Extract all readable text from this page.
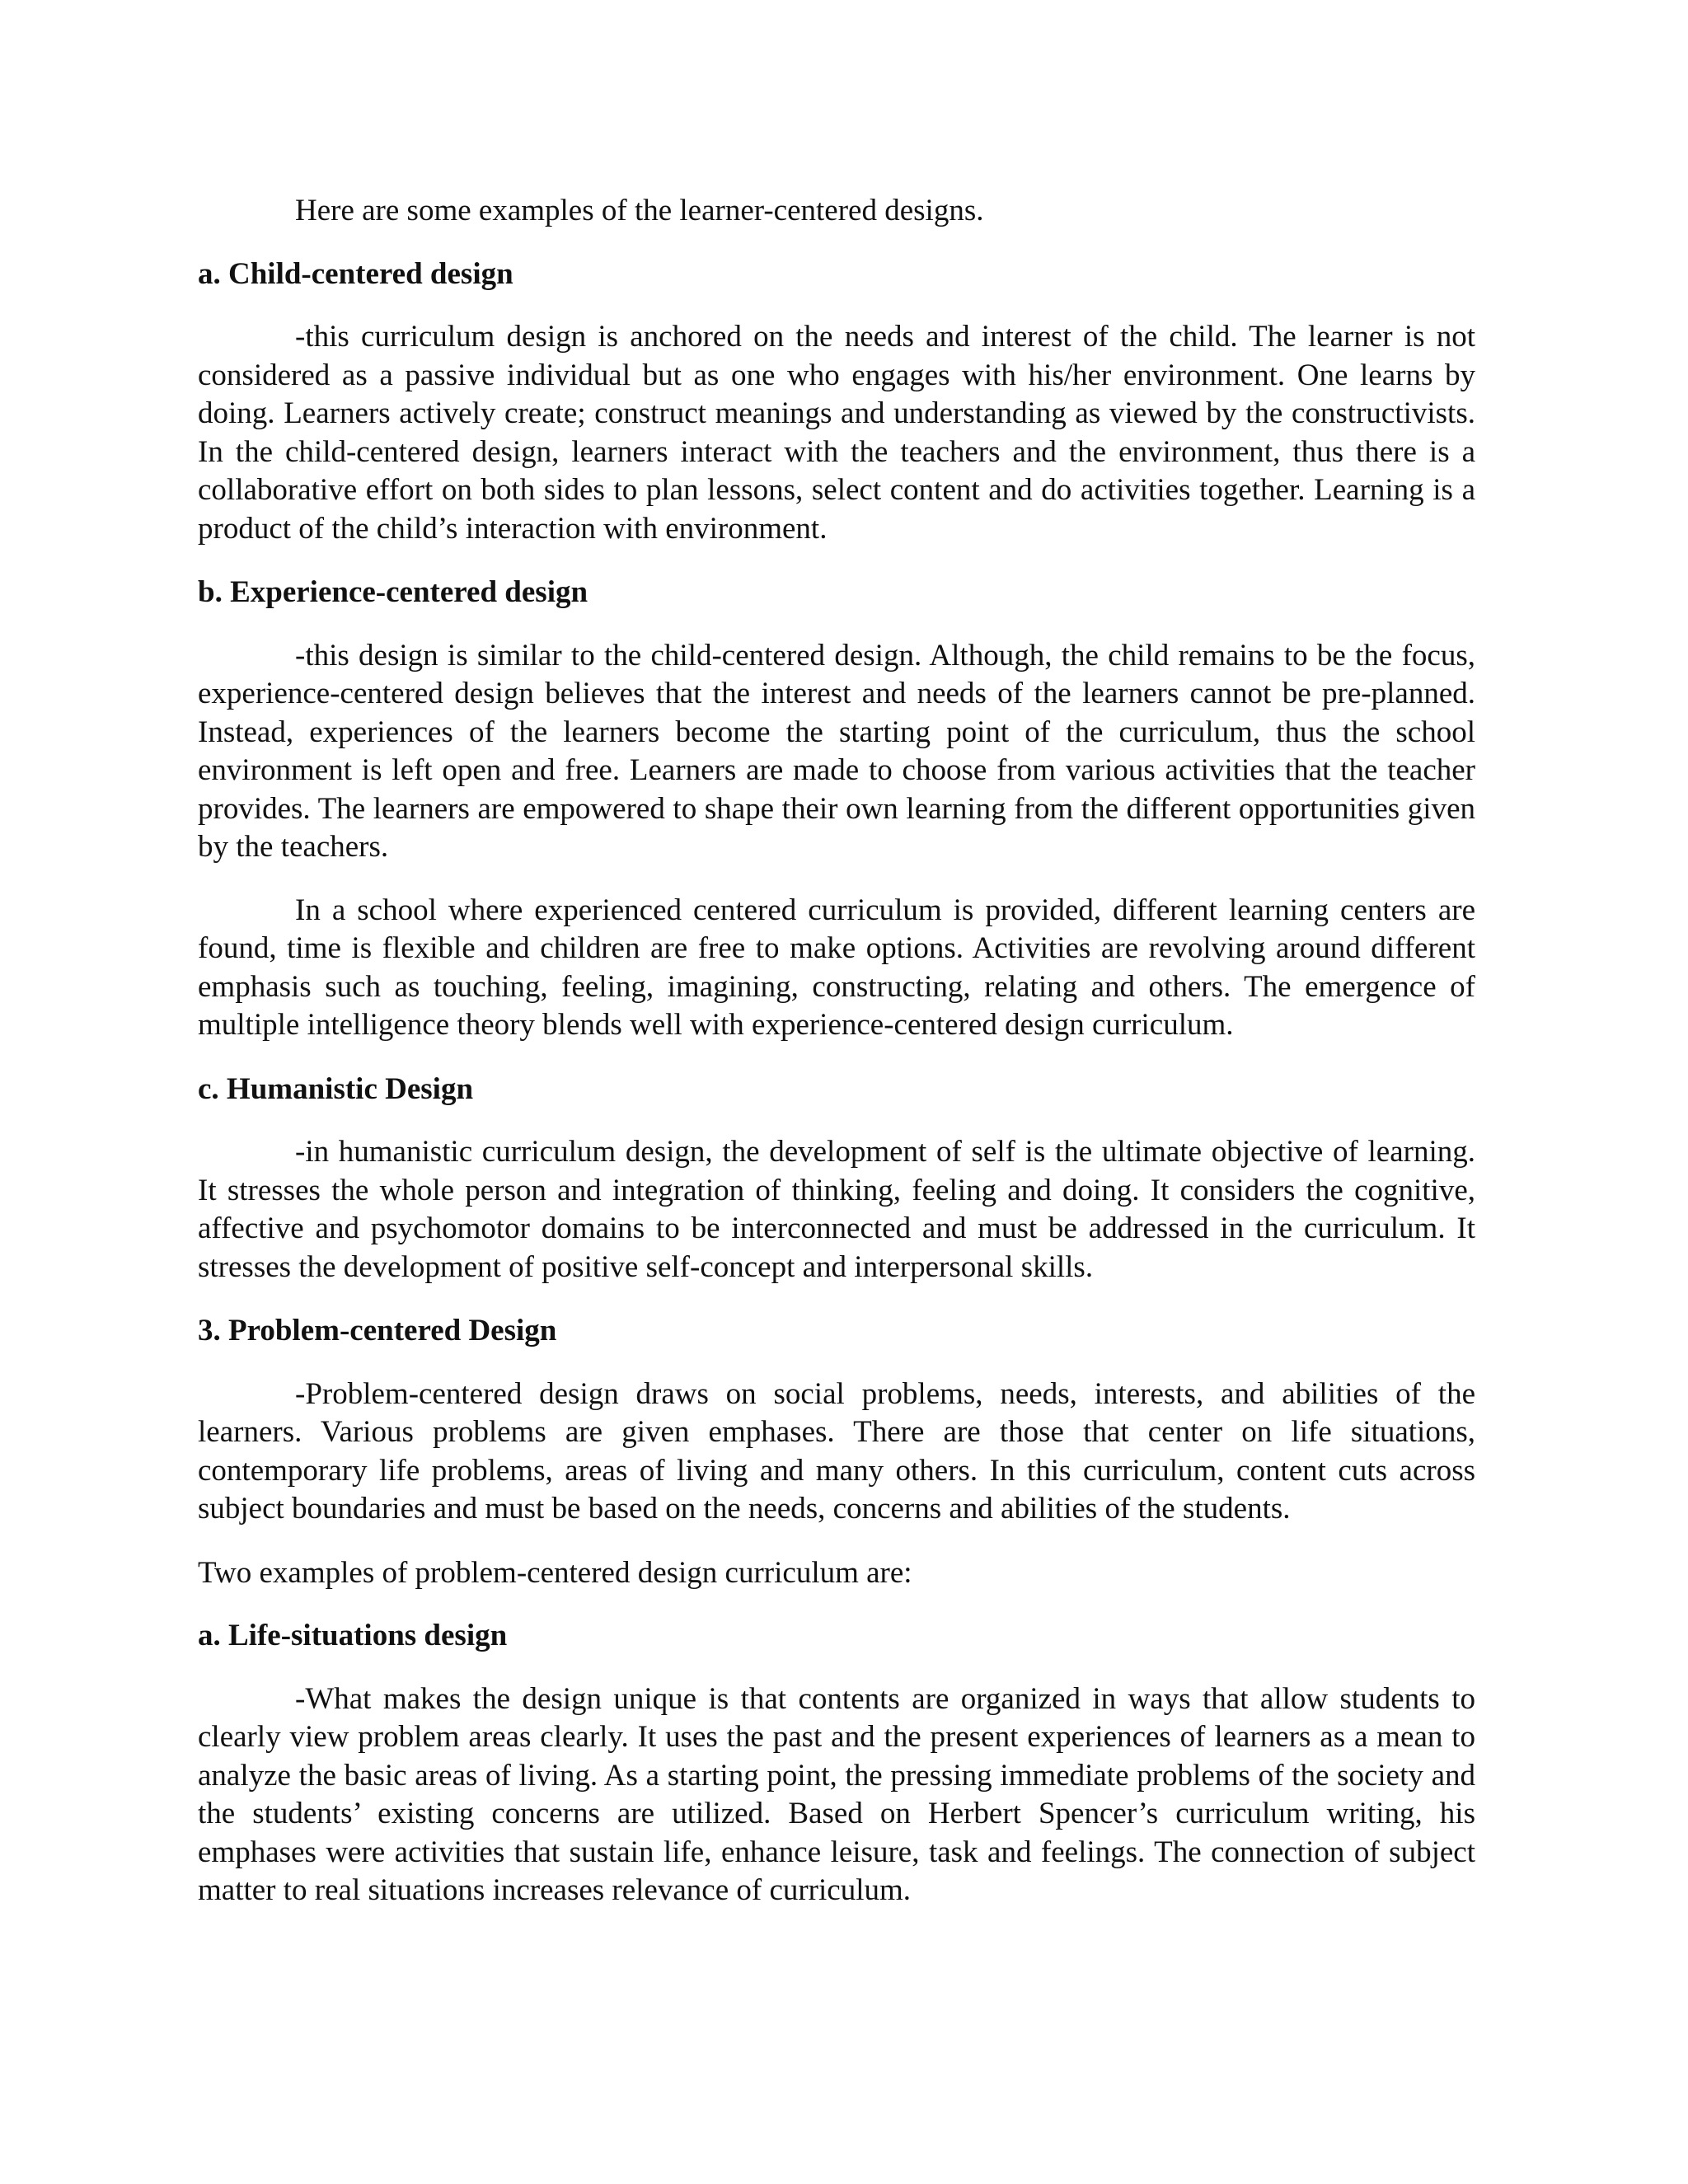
Here are some examples of the learner-centered designs.

a. Child-centered design

-this curriculum design is anchored on the needs and interest of the child. The learner is not considered as a passive individual but as one who engages with his/her environment. One learns by doing. Learners actively create; construct meanings and understanding as viewed by the constructivists. In the child-centered design, learners interact with the teachers and the environment, thus there is a collaborative effort on both sides to plan lessons, select content and do activities together. Learning is a product of the child’s interaction with environment.

b. Experience-centered design

-this design is similar to the child-centered design. Although, the child remains to be the focus, experience-centered design believes that the interest and needs of the learners cannot be pre-planned. Instead, experiences of the learners become the starting point of the curriculum, thus the school environment is left open and free. Learners are made to choose from various activities that the teacher provides. The learners are empowered to shape their own learning from the different opportunities given by the teachers.

In a school where experienced centered curriculum is provided, different learning centers are found, time is flexible and children are free to make options. Activities are revolving around different emphasis such as touching, feeling, imagining, constructing, relating and others. The emergence of multiple intelligence theory blends well with experience-centered design curriculum.

c. Humanistic Design

-in humanistic curriculum design, the development of self is the ultimate objective of learning. It stresses the whole person and integration of thinking, feeling and doing. It considers the cognitive, affective and psychomotor domains to be interconnected and must be addressed in the curriculum. It stresses the development of positive self-concept and interpersonal skills.

3. Problem-centered Design

-Problem-centered design draws on social problems, needs, interests, and abilities of the learners. Various problems are given emphases. There are those that center on life situations, contemporary life problems, areas of living and many others. In this curriculum, content cuts across subject boundaries and must be based on the needs, concerns and abilities of the students.

Two examples of problem-centered design curriculum are:

a. Life-situations design

-What makes the design unique is that contents are organized in ways that allow students to clearly view problem areas clearly. It uses the past and the present experiences of learners as a mean to analyze the basic areas of living. As a starting point, the pressing immediate problems of the society and the students’ existing concerns are utilized. Based on Herbert Spencer’s curriculum writing, his emphases were activities that sustain life, enhance leisure, task and feelings. The connection of subject matter to real situations increases relevance of curriculum.
